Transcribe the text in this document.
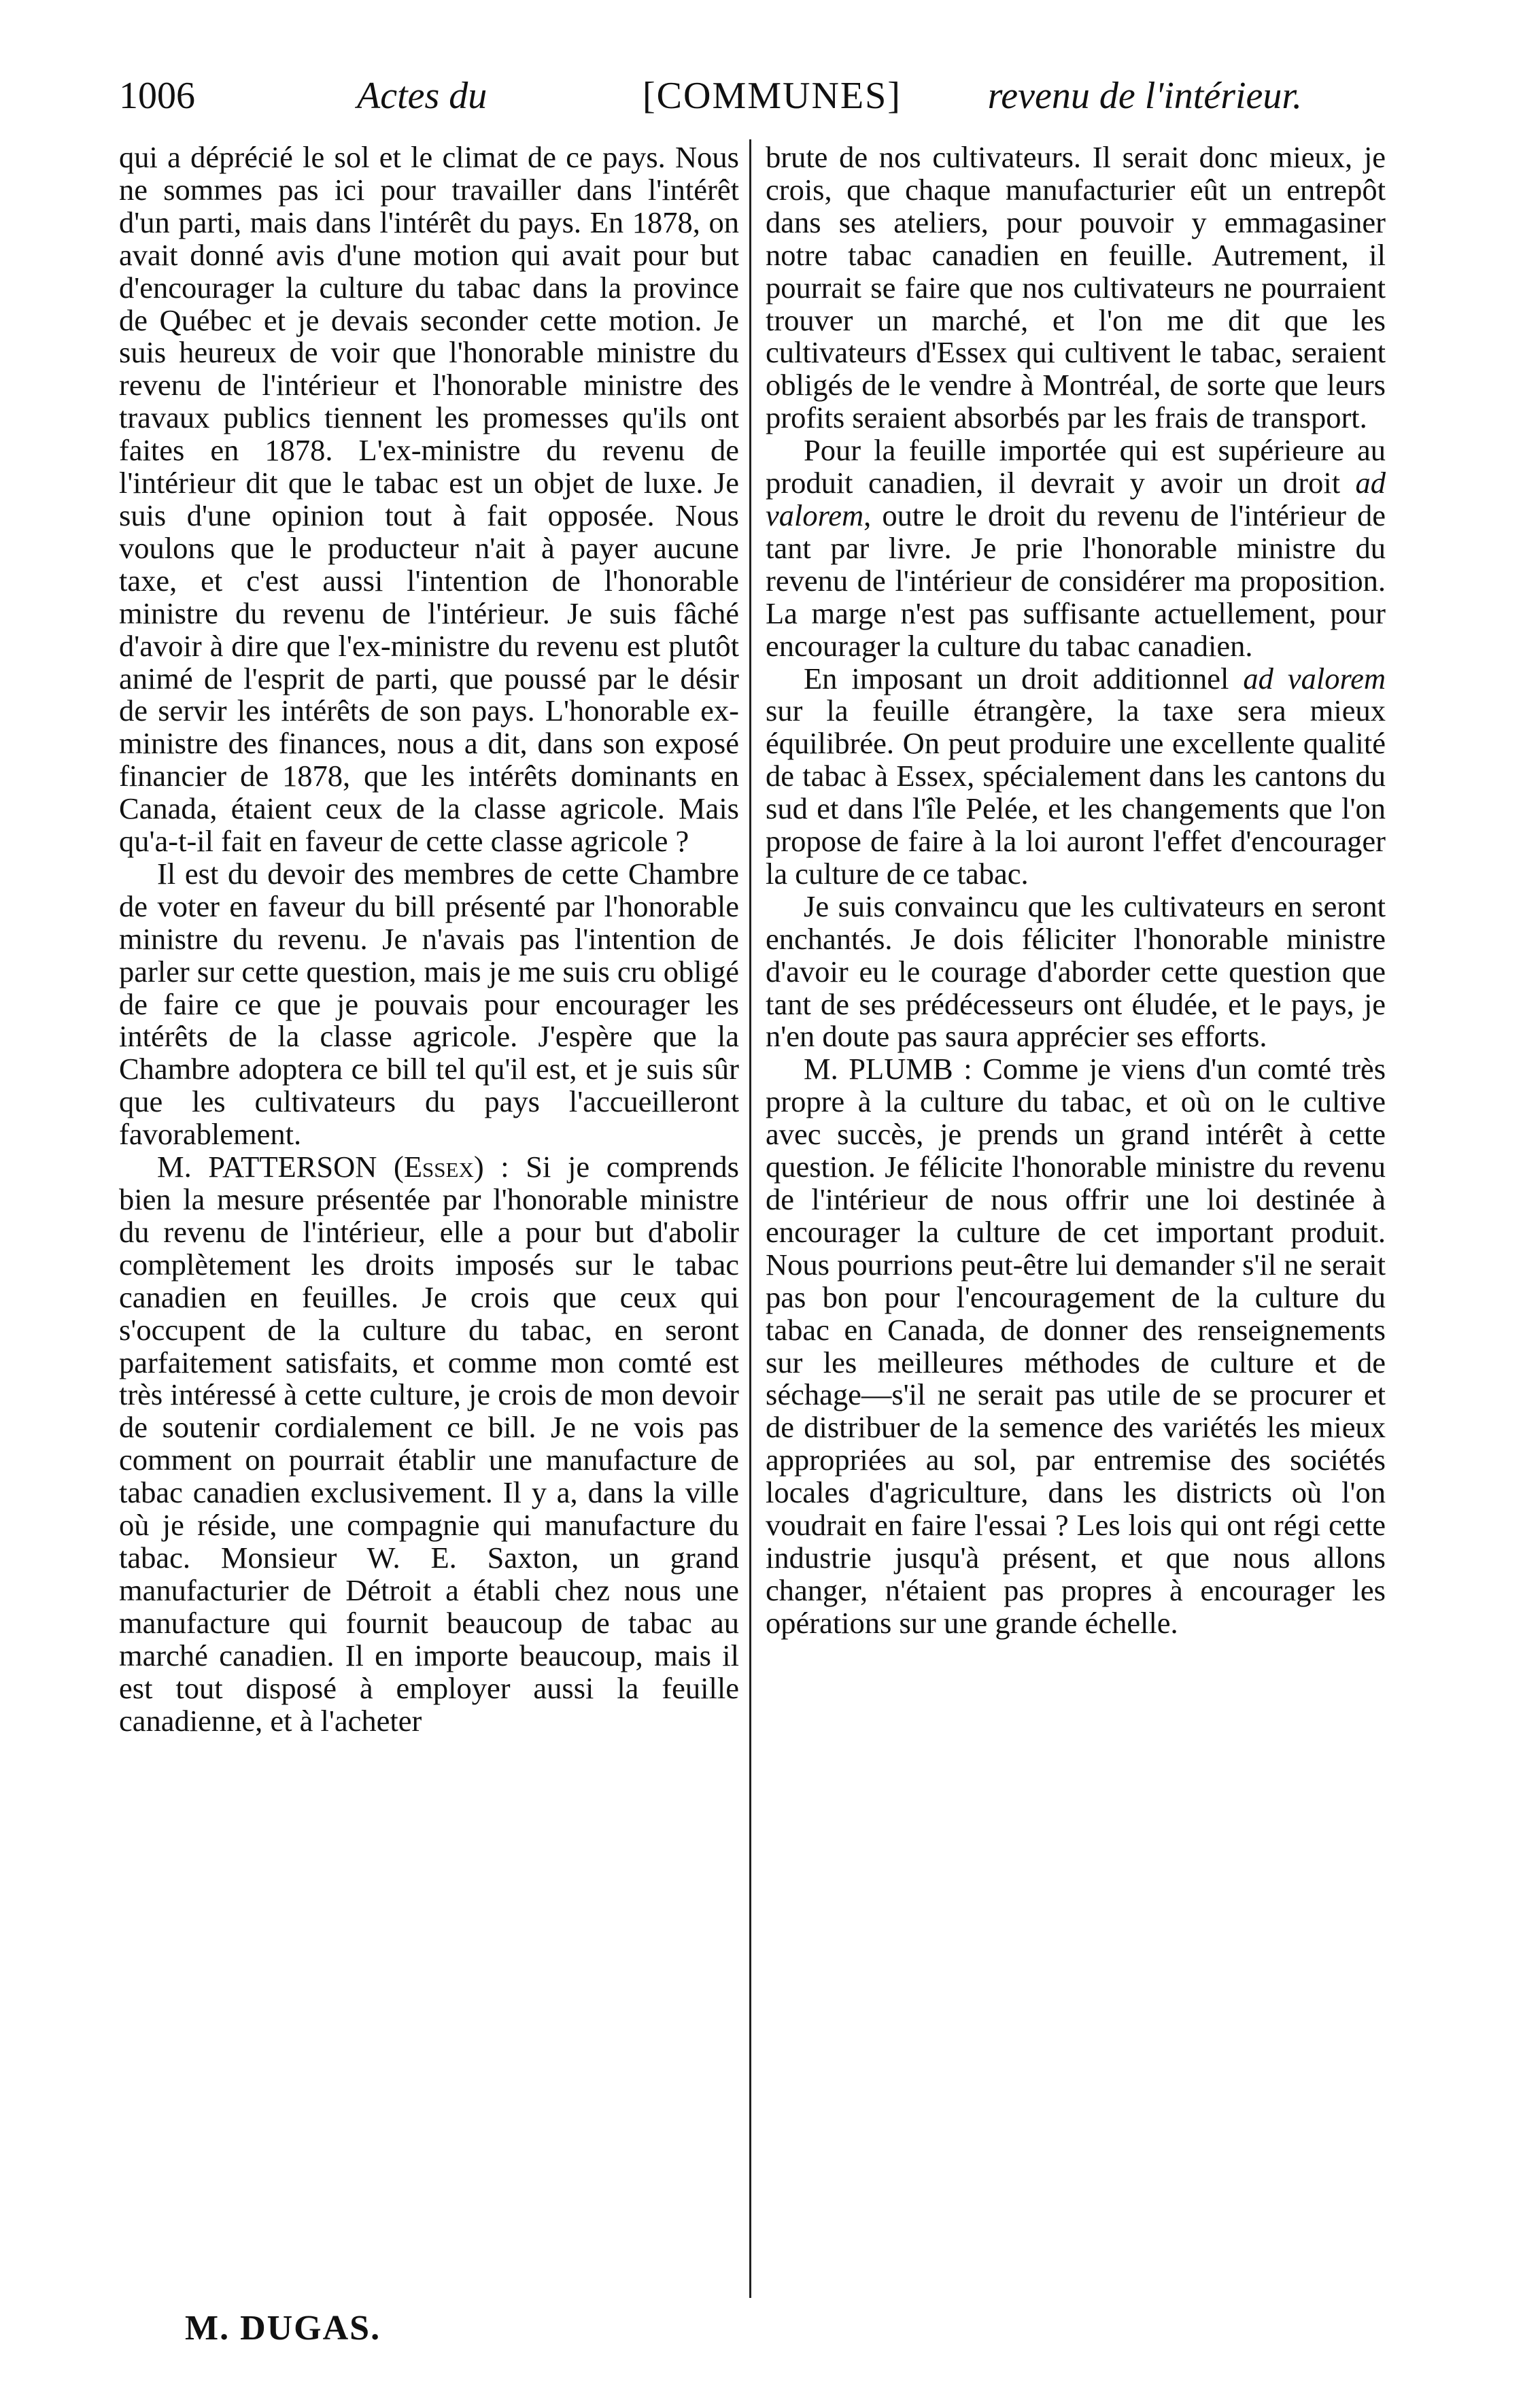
1006	Actes du	[COMMUNES] revenu de l'intérieur.

qui a déprécié le sol et le climat de ce pays. Nous ne sommes pas ici pour travailler dans l'intérêt d'un parti, mais dans l'intérêt du pays. En 1878, on avait donné avis d'une motion qui avait pour but d'encourager la culture du tabac dans la province de Québec et je devais seconder cette motion. Je suis heureux de voir que l'honorable ministre du revenu de l'intérieur et l'honorable ministre des travaux publics tiennent les promesses qu'ils ont faites en 1878. L'ex-ministre du revenu de l'intérieur dit que le tabac est un objet de luxe. Je suis d'une opinion tout à fait opposée. Nous voulons que le producteur n'ait à payer aucune taxe, et c'est aussi l'intention de l'honorable ministre du revenu de l'intérieur. Je suis fâché d'avoir à dire que l'ex-ministre du revenu est plutôt animé de l'esprit de parti, que poussé par le désir de servir les intérêts de son pays. L'honorable ex-ministre des finances, nous a dit, dans son exposé financier de 1878, que les intérêts dominants en Canada, étaient ceux de la classe agricole. Mais qu'a-t-il fait en faveur de cette classe agricole ?

Il est du devoir des membres de cette Chambre de voter en faveur du bill présenté par l'honorable ministre du revenu. Je n'avais pas l'intention de parler sur cette question, mais je me suis cru obligé de faire ce que je pouvais pour encourager les intérêts de la classe agricole. J'espère que la Chambre adoptera ce bill tel qu'il est, et je suis sûr que les cultivateurs du pays l'accueilleront favorablement.

M. PATTERSON (Essex) : Si je comprends bien la mesure présentée par l'honorable ministre du revenu de l'intérieur, elle a pour but d'abolir complètement les droits imposés sur le tabac canadien en feuilles. Je crois que ceux qui s'occupent de la culture du tabac, en seront parfaitement satisfaits, et comme mon comté est très intéressé à cette culture, je crois de mon devoir de soutenir cordialement ce bill. Je ne vois pas comment on pourrait établir une manufacture de tabac canadien exclusivement. Il y a, dans la ville où je réside, une compagnie qui manufacture du tabac. Monsieur W. E. Saxton, un grand manufacturier de Détroit a établi chez nous une manufacture qui fournit beaucoup de tabac au marché canadien. Il en importe beaucoup, mais il est tout disposé à employer aussi la feuille canadienne, et à l'acheter

brute de nos cultivateurs. Il serait donc mieux, je crois, que chaque manufacturier eût un entrepôt dans ses ateliers, pour pouvoir y emmagasiner notre tabac canadien en feuille. Autrement, il pourrait se faire que nos cultivateurs ne pourraient trouver un marché, et l'on me dit que les cultivateurs d'Essex qui cultivent le tabac, seraient obligés de le vendre à Montréal, de sorte que leurs profits seraient absorbés par les frais de transport.

Pour la feuille importée qui est supérieure au produit canadien, il devrait y avoir un droit ad valorem, outre le droit du revenu de l'intérieur de tant par livre. Je prie l'honorable ministre du revenu de l'intérieur de considérer ma proposition. La marge n'est pas suffisante actuellement, pour encourager la culture du tabac canadien.

En imposant un droit additionnel ad valorem sur la feuille étrangère, la taxe sera mieux équilibrée. On peut produire une excellente qualité de tabac à Essex, spécialement dans les cantons du sud et dans l'île Pelée, et les changements que l'on propose de faire à la loi auront l'effet d'encourager la culture de ce tabac.

Je suis convaincu que les cultivateurs en seront enchantés. Je dois féliciter l'honorable ministre d'avoir eu le courage d'aborder cette question que tant de ses prédécesseurs ont éludée, et le pays, je n'en doute pas saura apprécier ses efforts.

M. PLUMB : Comme je viens d'un comté très propre à la culture du tabac, et où on le cultive avec succès, je prends un grand intérêt à cette question. Je félicite l'honorable ministre du revenu de l'intérieur de nous offrir une loi destinée à encourager la culture de cet important produit. Nous pourrions peut-être lui demander s'il ne serait pas bon pour l'encouragement de la culture du tabac en Canada, de donner des renseignements sur les meilleures méthodes de culture et de séchage—s'il ne serait pas utile de se procurer et de distribuer de la semence des variétés les mieux appropriées au sol, par entremise des sociétés locales d'agriculture, dans les districts où l'on voudrait en faire l'essai ? Les lois qui ont régi cette industrie jusqu'à présent, et que nous allons changer, n'étaient pas propres à encourager les opérations sur une grande échelle.

M. DUGAS.
